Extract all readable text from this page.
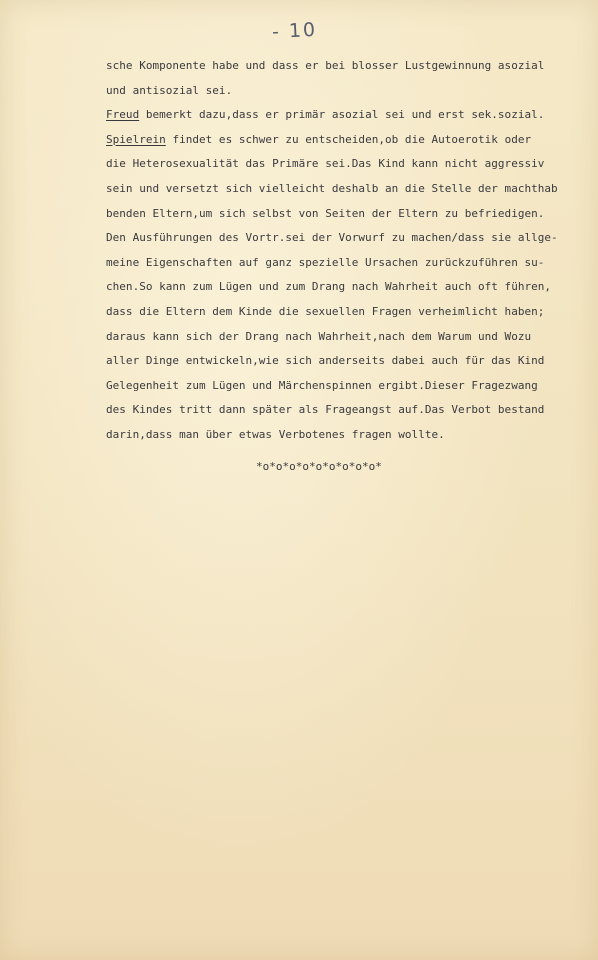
- 10
sche Komponente habe und dass er bei blosser Lustgewinnung asozial
und antisozial sei.
Freud bemerkt dazu,dass er primär asozial sei und erst sek.sozial.
Spielrein findet es schwer zu entscheiden,ob die Autoerotik oder
die Heterosexualität das Primäre sei.Das Kind kann nicht aggressiv
sein und versetzt sich vielleicht deshalb an die Stelle der machthab
benden Eltern,um sich selbst von Seiten der Eltern zu befriedigen.
Den Ausführungen des Vortr.sei der Vorwurf zu machen/dass sie allge-
meine Eigenschaften auf ganz spezielle Ursachen zurückzuführen su-
chen.So kann zum Lügen und zum Drang nach Wahrheit auch oft führen,
dass die Eltern dem Kinde die sexuellen Fragen verheimlicht haben;
daraus kann sich der Drang nach Wahrheit,nach dem Warum und Wozu
aller Dinge entwickeln,wie sich anderseits dabei auch für das Kind
Gelegenheit zum Lügen und Märchenspinnen ergibt.Dieser Fragezwang
des Kindes tritt dann später als Frageangst auf.Das Verbot bestand
darin,dass man über etwas Verbotenes fragen wollte.
*o*o*o*o*o*o*o*o*o*
